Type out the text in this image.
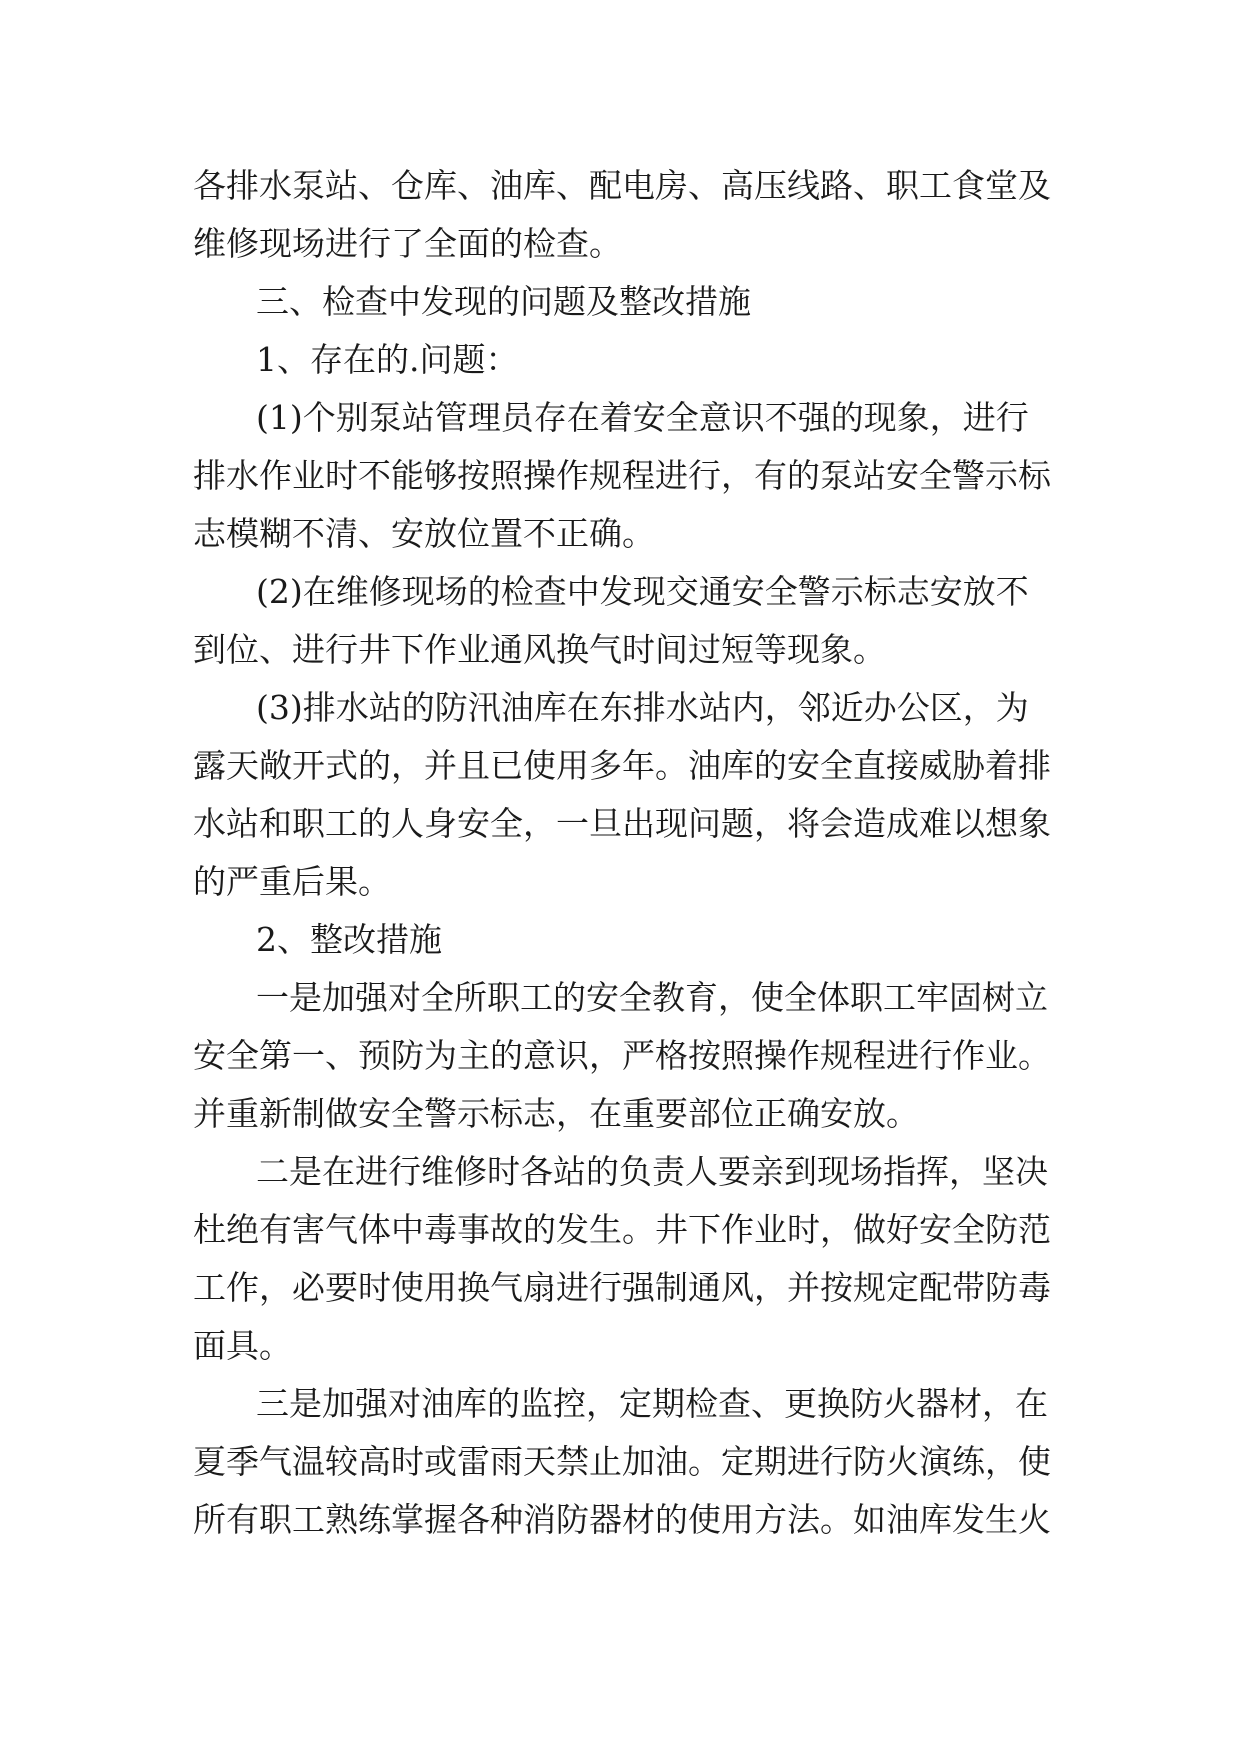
各排水泵站、仓库、油库、配电房、高压线路、职工食堂及
维修现场进行了全面的检查。
三、检查中发现的问题及整改措施
1、存在的.问题：
(1)个别泵站管理员存在着安全意识不强的现象，进行
排水作业时不能够按照操作规程进行，有的泵站安全警示标
志模糊不清、安放位置不正确。
(2)在维修现场的检查中发现交通安全警示标志安放不
到位、进行井下作业通风换气时间过短等现象。
(3)排水站的防汛油库在东排水站内，邻近办公区，为
露天敞开式的，并且已使用多年。油库的安全直接威胁着排
水站和职工的人身安全，一旦出现问题，将会造成难以想象
的严重后果。
2、整改措施
一是加强对全所职工的安全教育，使全体职工牢固树立
安全第一、预防为主的意识，严格按照操作规程进行作业。
并重新制做安全警示标志，在重要部位正确安放。
二是在进行维修时各站的负责人要亲到现场指挥，坚决
杜绝有害气体中毒事故的发生。井下作业时，做好安全防范
工作，必要时使用换气扇进行强制通风，并按规定配带防毒
面具。
三是加强对油库的监控，定期检查、更换防火器材，在
夏季气温较高时或雷雨天禁止加油。定期进行防火演练，使
所有职工熟练掌握各种消防器材的使用方法。如油库发生火
